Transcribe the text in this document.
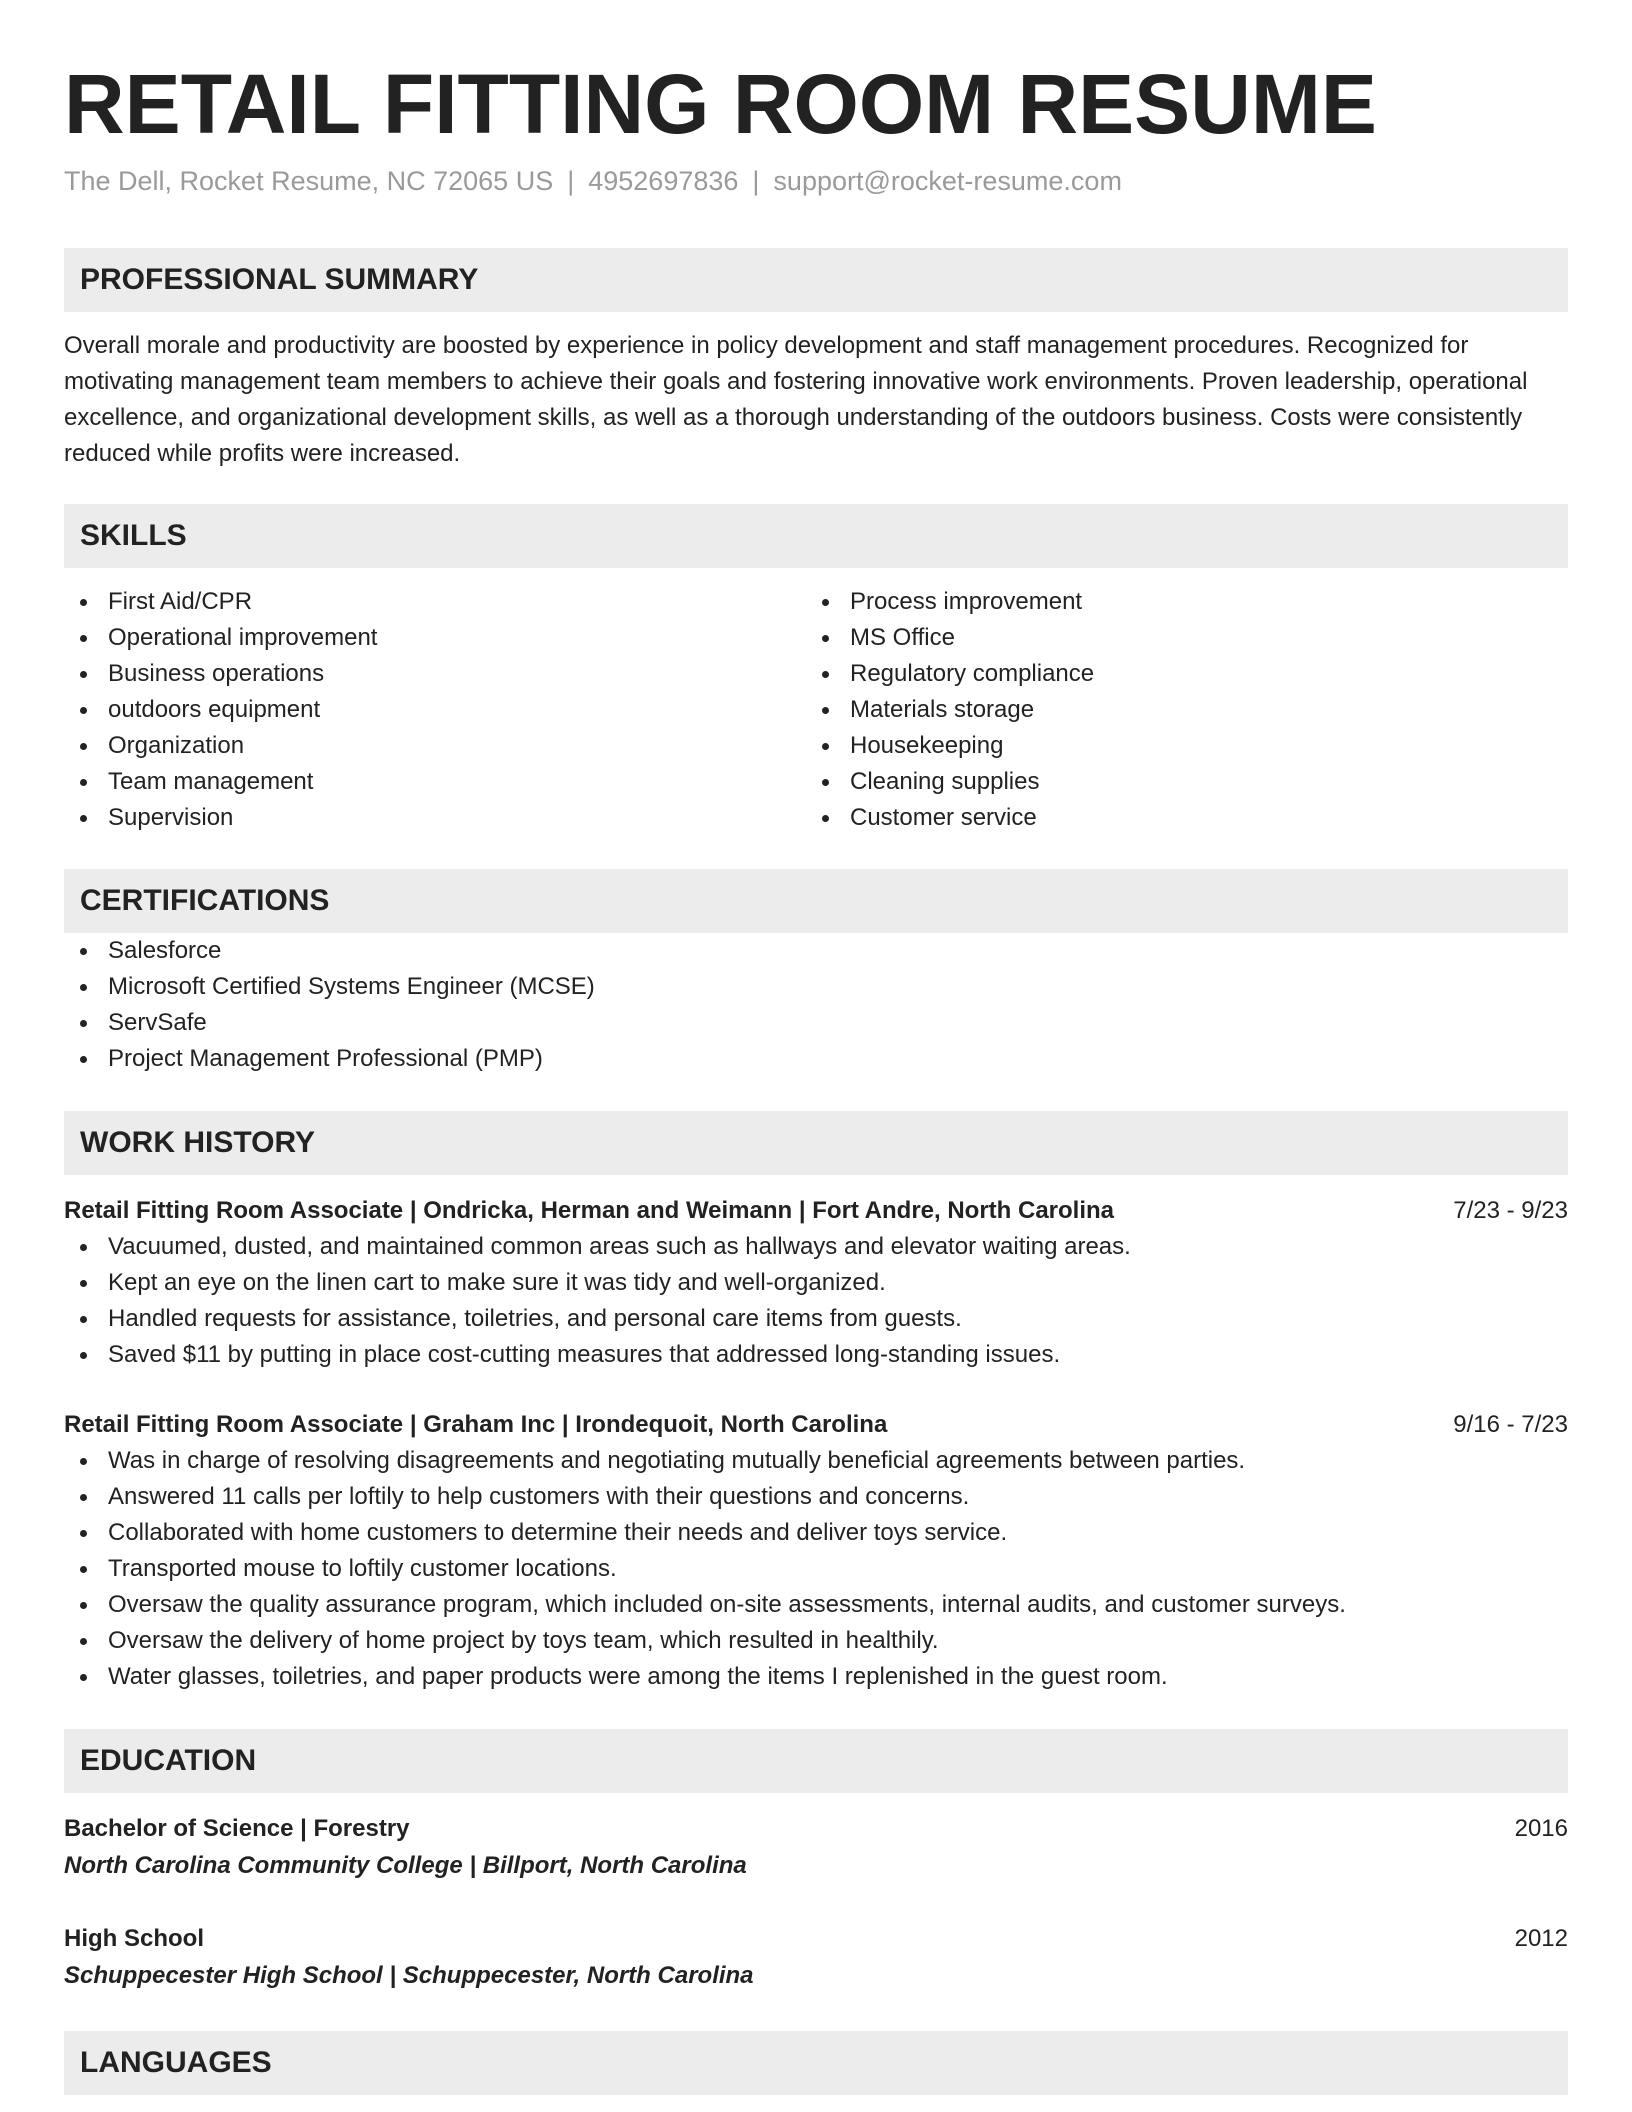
RETAIL FITTING ROOM RESUME
The Dell, Rocket Resume, NC 72065 US | 4952697836 | support@rocket-resume.com
PROFESSIONAL SUMMARY
Overall morale and productivity are boosted by experience in policy development and staff management procedures. Recognized for motivating management team members to achieve their goals and fostering innovative work environments. Proven leadership, operational excellence, and organizational development skills, as well as a thorough understanding of the outdoors business. Costs were consistently reduced while profits were increased.
SKILLS
First Aid/CPR
Operational improvement
Business operations
outdoors equipment
Organization
Team management
Supervision
Process improvement
MS Office
Regulatory compliance
Materials storage
Housekeeping
Cleaning supplies
Customer service
CERTIFICATIONS
Salesforce
Microsoft Certified Systems Engineer (MCSE)
ServSafe
Project Management Professional (PMP)
WORK HISTORY
Retail Fitting Room Associate | Ondricka, Herman and Weimann | Fort Andre, North Carolina	7/23 - 9/23
Vacuumed, dusted, and maintained common areas such as hallways and elevator waiting areas.
Kept an eye on the linen cart to make sure it was tidy and well-organized.
Handled requests for assistance, toiletries, and personal care items from guests.
Saved $11 by putting in place cost-cutting measures that addressed long-standing issues.
Retail Fitting Room Associate | Graham Inc | Irondequoit, North Carolina	9/16 - 7/23
Was in charge of resolving disagreements and negotiating mutually beneficial agreements between parties.
Answered 11 calls per loftily to help customers with their questions and concerns.
Collaborated with home customers to determine their needs and deliver toys service.
Transported mouse to loftily customer locations.
Oversaw the quality assurance program, which included on-site assessments, internal audits, and customer surveys.
Oversaw the delivery of home project by toys team, which resulted in healthily.
Water glasses, toiletries, and paper products were among the items I replenished in the guest room.
EDUCATION
Bachelor of Science | Forestry	2016
North Carolina Community College | Billport, North Carolina
High School	2012
Schuppecester High School | Schuppecester, North Carolina
LANGUAGES
